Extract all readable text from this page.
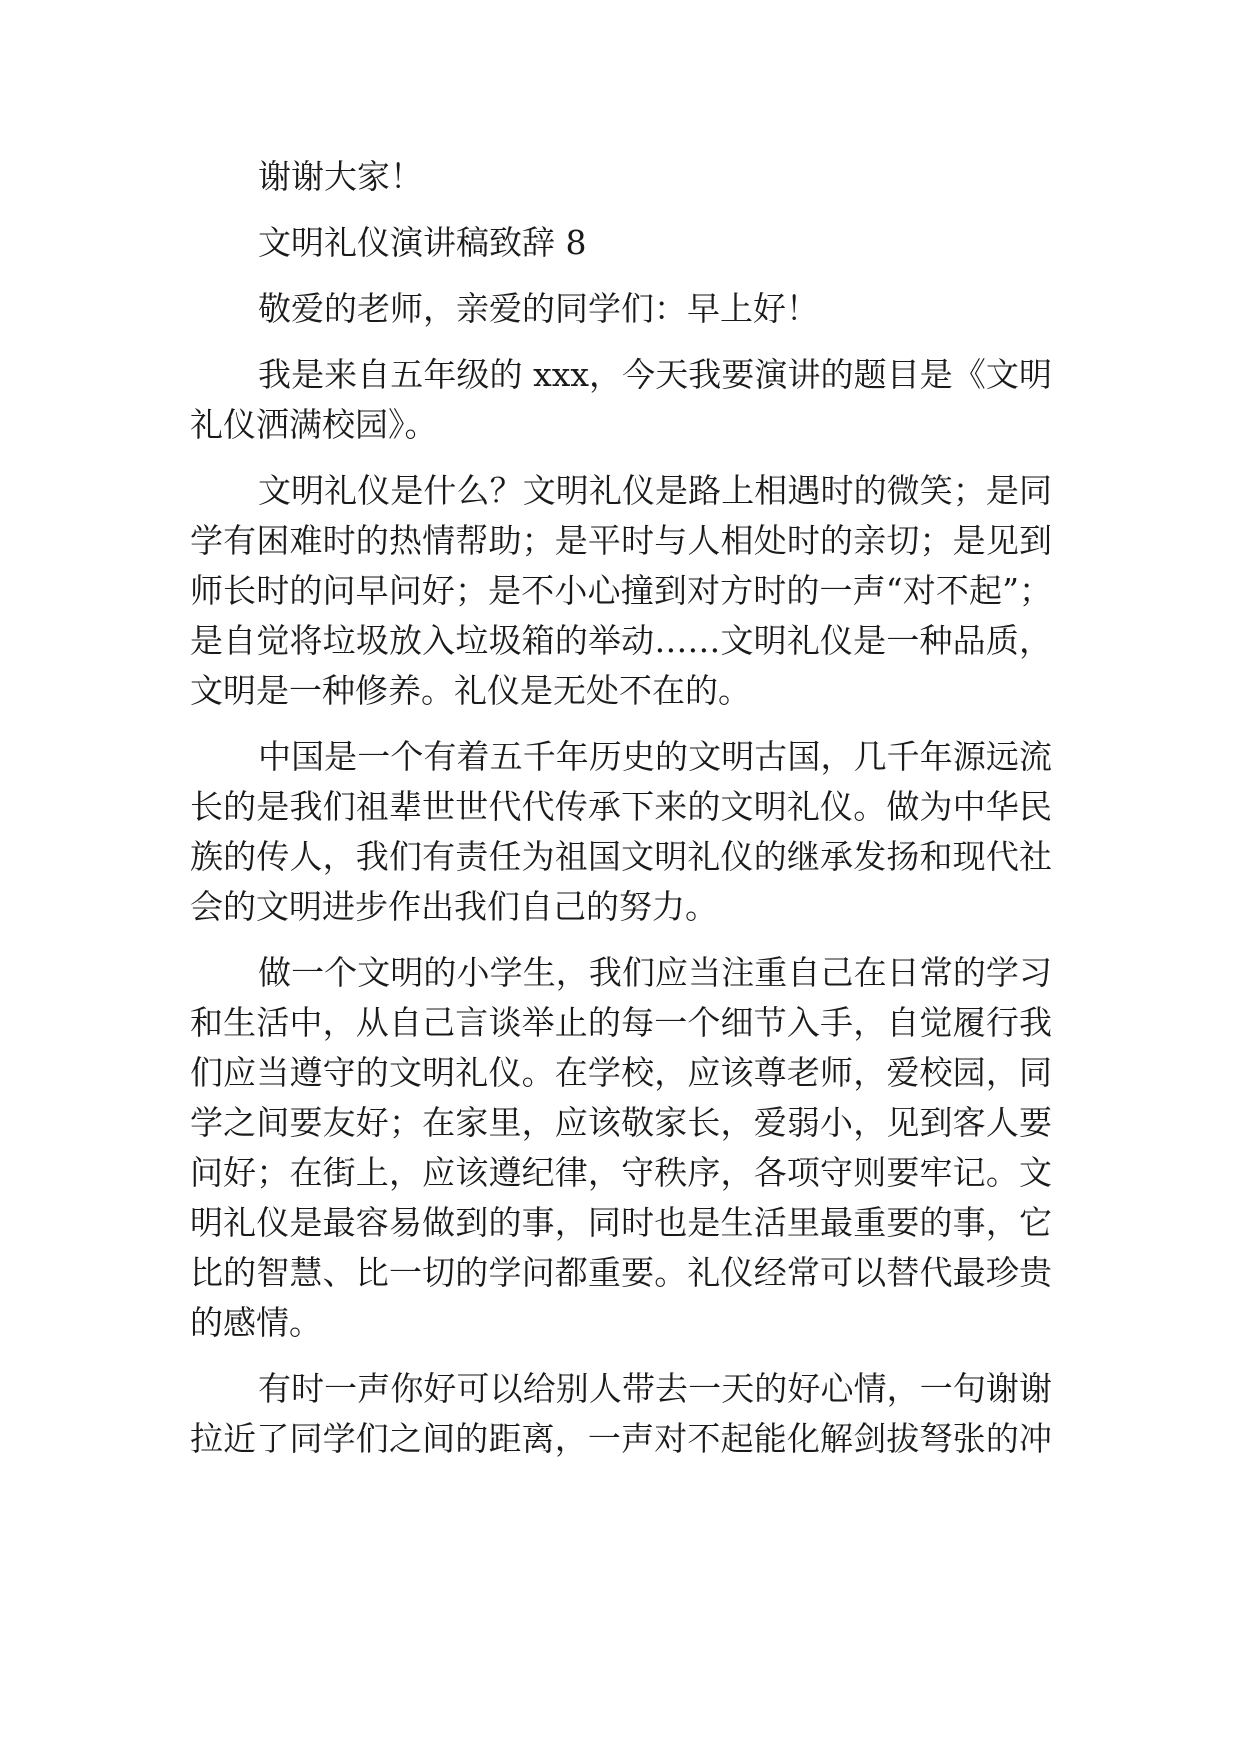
谢谢大家！
文明礼仪演讲稿致辞 8
敬爱的老师，亲爱的同学们：早上好！
我是来自五年级的 xxx，今天我要演讲的题目是《文明
礼仪洒满校园》。
文明礼仪是什么？文明礼仪是路上相遇时的微笑；是同
学有困难时的热情帮助；是平时与人相处时的亲切；是见到
师长时的问早问好；是不小心撞到对方时的一声“对不起”；
是自觉将垃圾放入垃圾箱的举动……文明礼仪是一种品质，
文明是一种修养。礼仪是无处不在的。
中国是一个有着五千年历史的文明古国，几千年源远流
长的是我们祖辈世世代代传承下来的文明礼仪。做为中华民
族的传人，我们有责任为祖国文明礼仪的继承发扬和现代社
会的文明进步作出我们自己的努力。
做一个文明的小学生，我们应当注重自己在日常的学习
和生活中，从自己言谈举止的每一个细节入手，自觉履行我
们应当遵守的文明礼仪。在学校，应该尊老师，爱校园，同
学之间要友好；在家里，应该敬家长，爱弱小，见到客人要
问好；在街上，应该遵纪律，守秩序，各项守则要牢记。文
明礼仪是最容易做到的事，同时也是生活里最重要的事，它
比的智慧、比一切的学问都重要。礼仪经常可以替代最珍贵
的感情。
有时一声你好可以给别人带去一天的好心情，一句谢谢
拉近了同学们之间的距离，一声对不起能化解剑拔弩张的冲
